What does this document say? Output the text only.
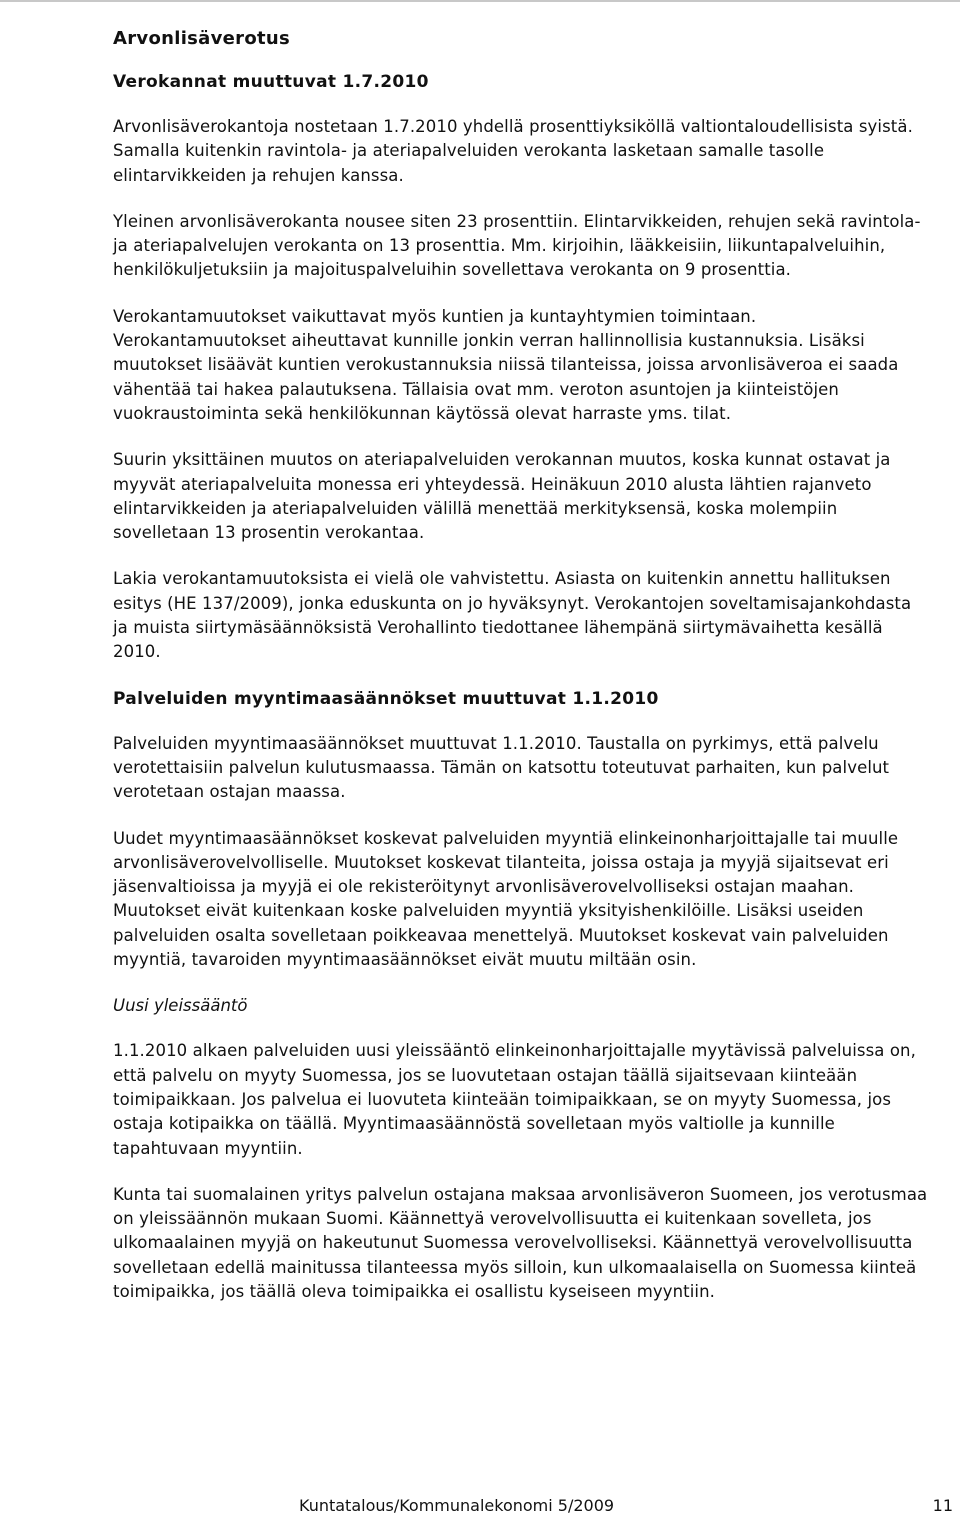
Arvonlisäverotus
Verokannat muuttuvat 1.7.2010

Arvonlisäverokantoja nostetaan 1.7.2010 yhdellä prosenttiyksiköllä valtiontaloudellisista syistä. Samalla kuitenkin ravintola- ja ateriapalveluiden verokanta lasketaan samalle tasolle elintarvikkeiden ja rehujen kanssa.

Yleinen arvonlisäverokanta nousee siten 23 prosenttiin. Elintarvikkeiden, rehujen sekä ravintola- ja ateriapalvelujen verokanta on 13 prosenttia. Mm. kirjoihin, lääkkeisiin, liikuntapalveluihin, henkilökuljetuksiin ja majoituspalveluihin sovellettava verokanta on 9 prosenttia.

Verokantamuutokset vaikuttavat myös kuntien ja kuntayhtymien toimintaan. Verokantamuutokset aiheuttavat kunnille jonkin verran hallinnollisia kustannuksia. Lisäksi muutokset lisäävät kuntien verokustannuksia niissä tilanteissa, joissa arvonlisäveroa ei saada vähentää tai hakea palautuksena. Tällaisia ovat mm. veroton asuntojen ja kiinteistöjen vuokraustoiminta sekä henkilökunnan käytössä olevat harraste yms. tilat.

Suurin yksittäinen muutos on ateriapalveluiden verokannan muutos, koska kunnat ostavat ja myyvät ateriapalveluita monessa eri yhteydessä. Heinäkuun 2010 alusta lähtien rajanveto elintarvikkeiden ja ateriapalveluiden välillä menettää merkityksensä, koska molempiin sovelletaan 13 prosentin verokantaa.

Lakia verokantamuutoksista ei vielä ole vahvistettu. Asiasta on kuitenkin annettu hallituksen esitys (HE 137/2009), jonka eduskunta on jo hyväksynyt. Verokantojen soveltamisajankohdasta ja muista siirtymäsäännöksistä Verohallinto tiedottanee lähempänä siirtymävaihetta kesällä 2010.

Palveluiden myyntimaasäännökset muuttuvat 1.1.2010

Palveluiden myyntimaasäännökset muuttuvat 1.1.2010. Taustalla on pyrkimys, että palvelu verotettaisiin palvelun kulutusmaassa. Tämän on katsottu toteutuvat parhaiten, kun palvelut verotetaan ostajan maassa.

Uudet myyntimaasäännökset koskevat palveluiden myyntiä elinkeinonharjoittajalle tai muulle arvonlisäverovelvolliselle. Muutokset koskevat tilanteita, joissa ostaja ja myyjä sijaitsevat eri jäsenvaltioissa ja myyjä ei ole rekisteröitynyt arvonlisäverovelvolliseksi ostajan maahan. Muutokset eivät kuitenkaan koske palveluiden myyntiä yksityishenkilöille. Lisäksi useiden palveluiden osalta sovelletaan poikkeavaa menettelyä. Muutokset koskevat vain palveluiden myyntiä, tavaroiden myyntimaasäännökset eivät muutu miltään osin.

Uusi yleissääntö

1.1.2010 alkaen palveluiden uusi yleissääntö elinkeinonharjoittajalle myytävissä palveluissa on, että palvelu on myyty Suomessa, jos se luovutetaan ostajan täällä sijaitsevaan kiinteään toimipaikkaan. Jos palvelua ei luovuteta kiinteään toimipaikkaan, se on myyty Suomessa, jos ostaja kotipaikka on täällä. Myyntimaasäännöstä sovelletaan myös valtiolle ja kunnille tapahtuvaan myyntiin.

Kunta tai suomalainen yritys palvelun ostajana maksaa arvonlisäveron Suomeen, jos verotusmaa on yleissäännön mukaan Suomi. Käännettyä verovelvollisuutta ei kuitenkaan sovelleta, jos ulkomaalainen myyjä on hakeutunut Suomessa verovelvolliseksi. Käännettyä verovelvollisuutta sovelletaan edellä mainitussa tilanteessa myös silloin, kun ulkomaalaisella on Suomessa kiinteä toimipaikka, jos täällä oleva toimipaikka ei osallistu kyseiseen myyntiin.

Kuntatalous/Kommunalekonomi 5/2009	11
